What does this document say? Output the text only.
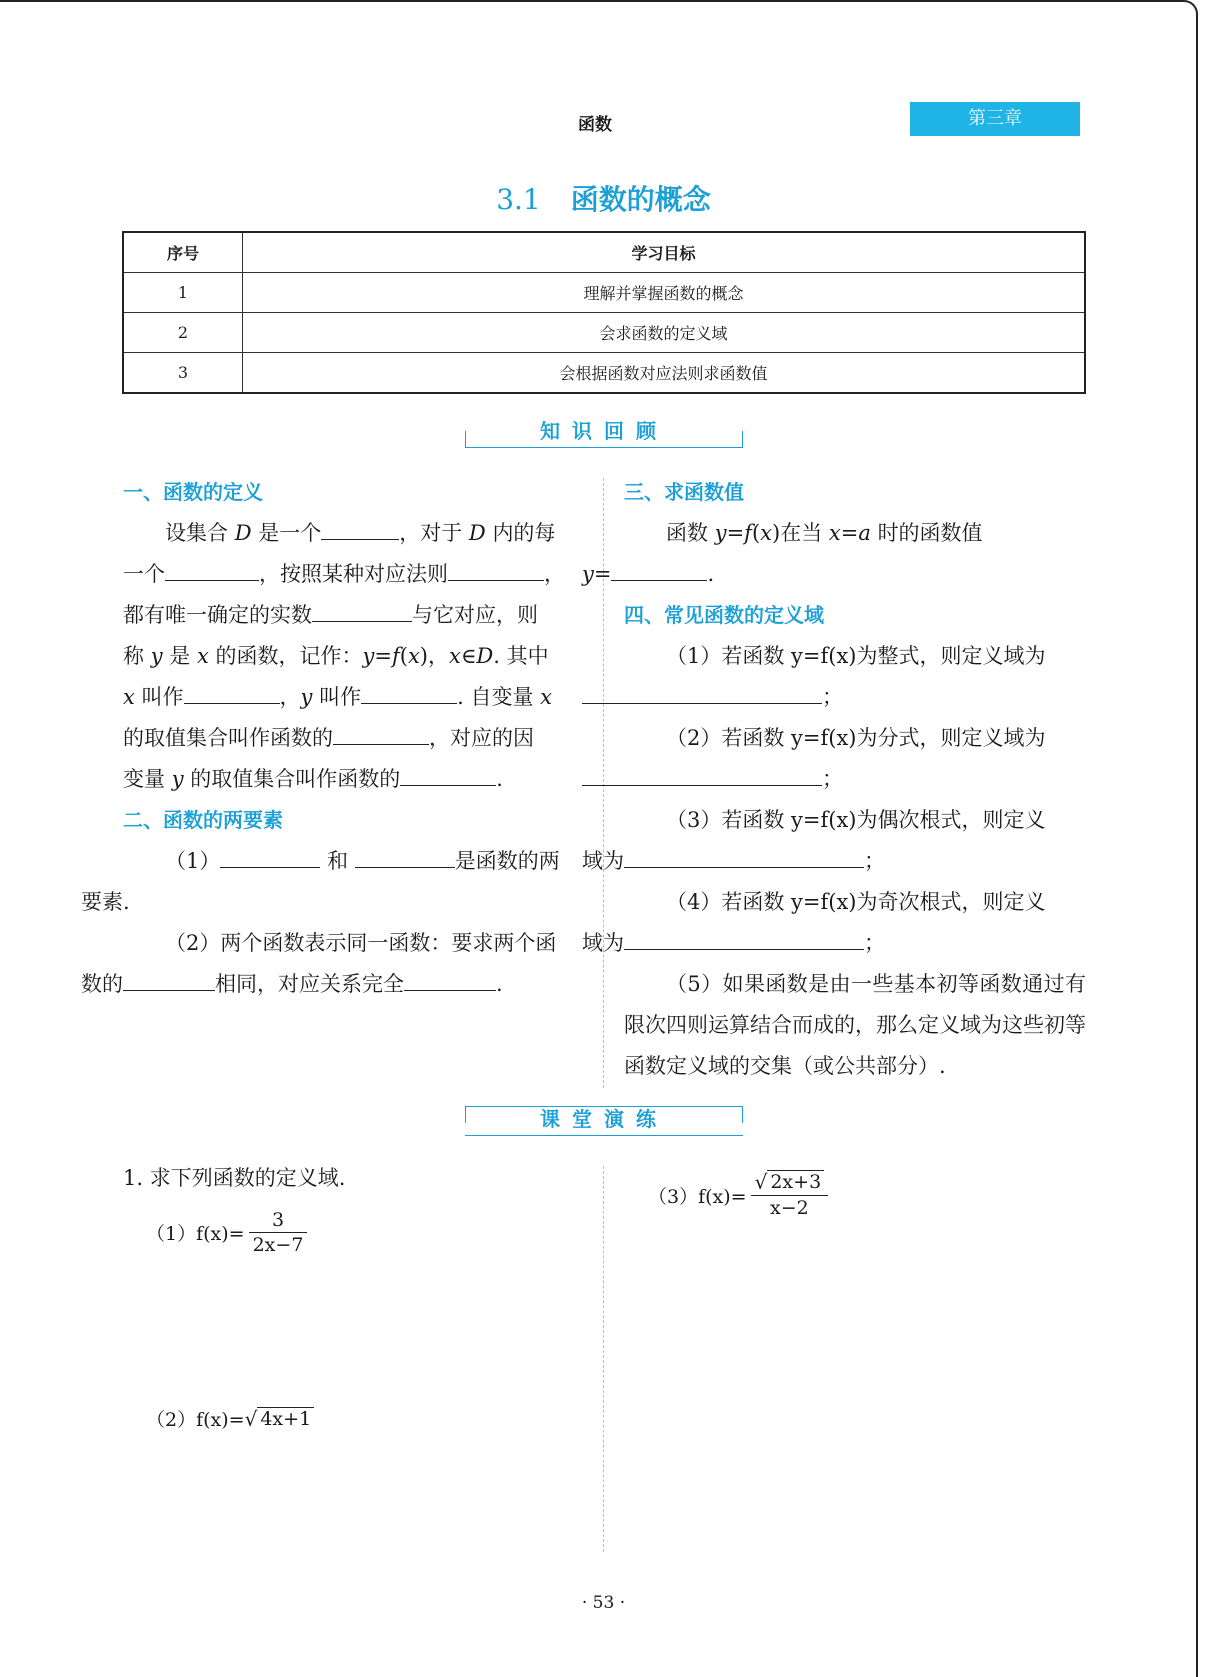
函数	第三章
3.1 函数的概念
序号	学习目标
1	理解并掌握函数的概念
2	会求函数的定义域
3	会根据函数对应法则求函数值
知识回顾
一、函数的定义
设集合 D 是一个	，对于 D 内的每
一个	，按照某种对应法则	，
都有唯一确定的实数	与它对应，则
称 y 是 x 的函数，记作：y=f(x)，x∈D. 其中
x 叫作	，y 叫作	. 自变量 x
的取值集合叫作函数的	，对应的因
变量 y 的取值集合叫作函数的	.
二、函数的两要素
（1）	和	是函数的两
要素.
（2）两个函数表示同一函数：要求两个函
数的	相同，对应关系完全	.
三、求函数值
函数 y=f(x)在当 x=a 时的函数值
y=	.
四、常见函数的定义域
（1）若函数 y=f(x)为整式，则定义域为
；
（2）若函数 y=f(x)为分式，则定义域为
；
（3）若函数 y=f(x)为偶次根式，则定义
域为	；
（4）若函数 y=f(x)为奇次根式，则定义
域为	；
（5）如果函数是由一些基本初等函数通过有限次四则运算结合而成的，那么定义域为这些初等函数定义域的交集（或公共部分）.
课堂演练
1. 求下列函数的定义域.
$(1)f(x)= \frac{3}{2x-7}$
（2）f(x)= √ 4x+1
$(3)f(x)= \frac{√ 2x+3}{x-2}$
· 53 ·
